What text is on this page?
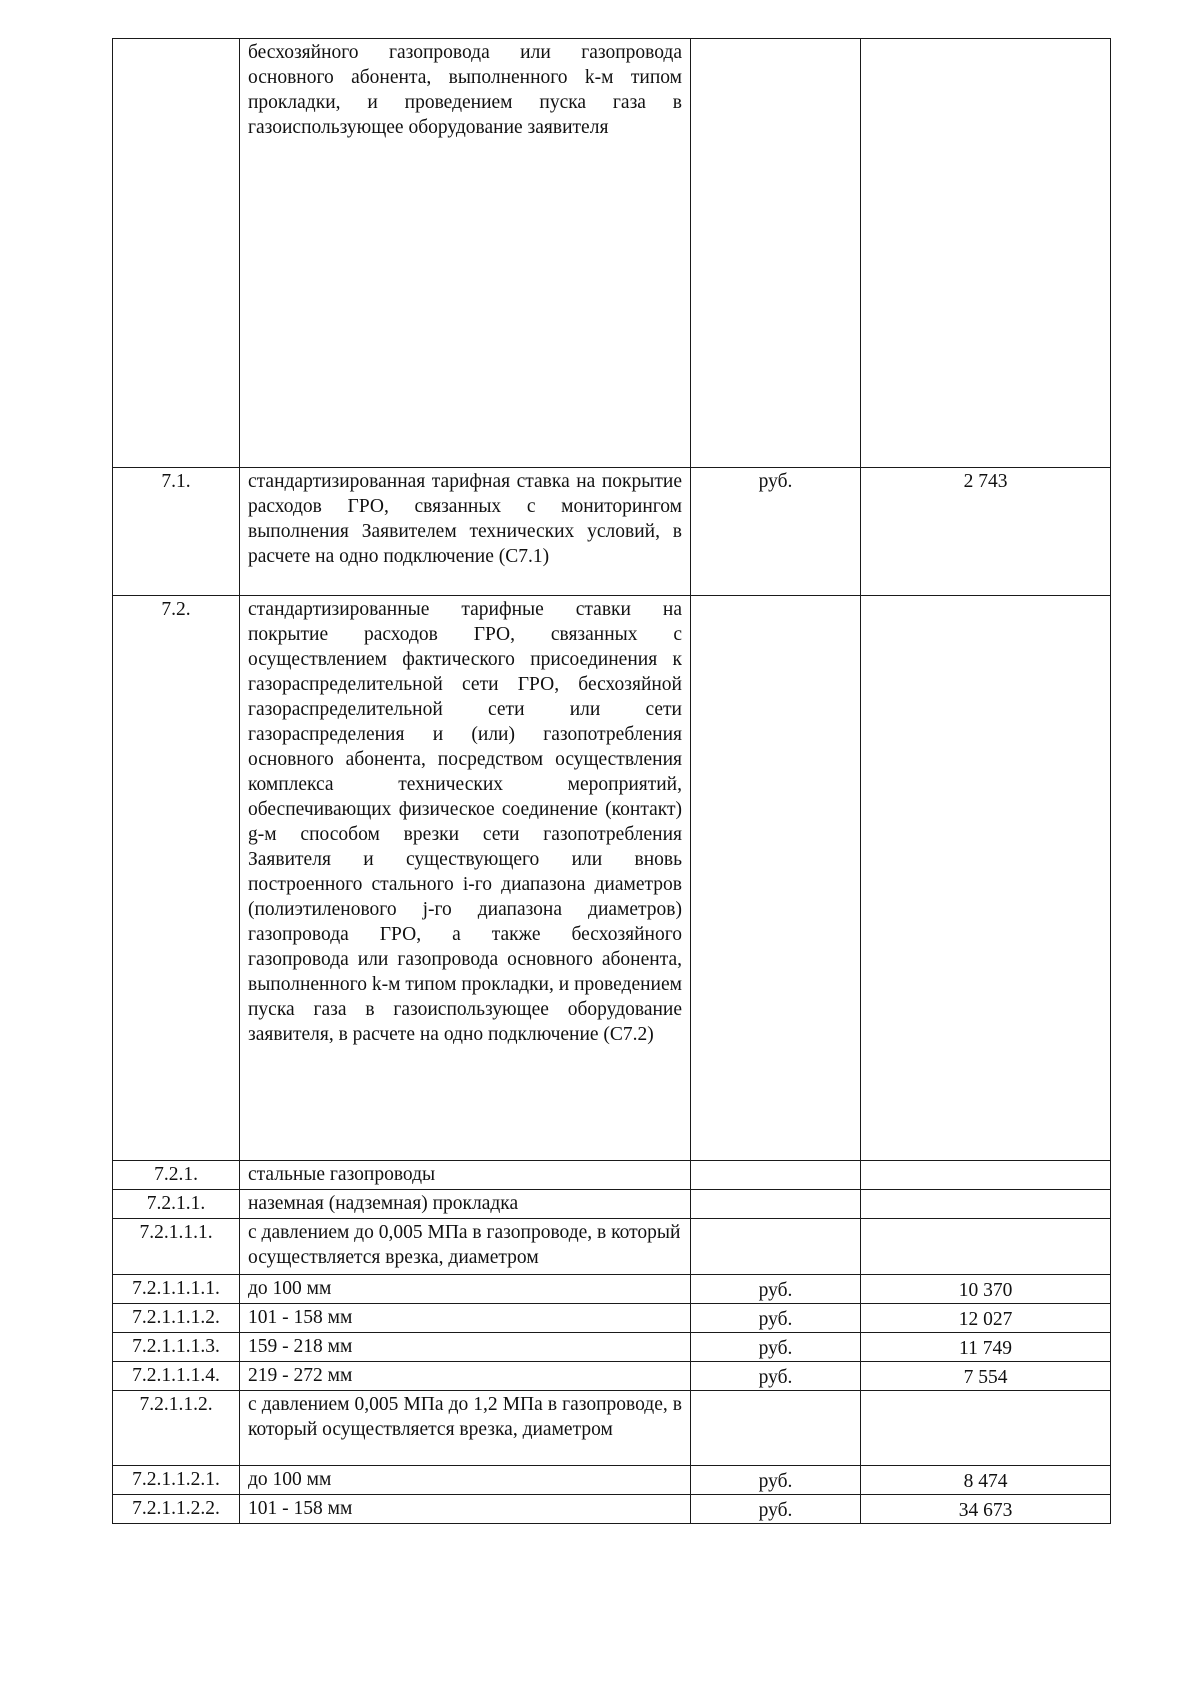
	бесхозяйного газопровода или газопровода основного абонента, выполненного k-м типом прокладки, и проведением пуска газа в газоиспользующее оборудование заявителя		
7.1.	стандартизированная тарифная ставка на покрытие расходов ГРО, связанных с мониторингом выполнения Заявителем технических условий, в расчете на одно подключение (С7.1)	руб.	2 743
7.2.	стандартизированные тарифные ставки на покрытие расходов ГРО, связанных с осуществлением фактического присоединения к газораспределительной сети ГРО, бесхозяйной газораспределительной сети или сети газораспределения и (или) газопотребления основного абонента, посредством осуществления комплекса технических мероприятий, обеспечивающих физическое соединение (контакт) g-м способом врезки сети газопотребления Заявителя и существующего или вновь построенного стального i-го диапазона диаметров (полиэтиленового j-го диапазона диаметров) газопровода ГРО, а также бесхозяйного газопровода или газопровода основного абонента, выполненного k-м типом прокладки, и проведением пуска газа в газоиспользующее оборудование заявителя, в расчете на одно подключение (С7.2)		
7.2.1.	стальные газопроводы		
7.2.1.1.	наземная (надземная) прокладка		
7.2.1.1.1.	с давлением до 0,005 МПа в газопроводе, в который осуществляется врезка, диаметром		
7.2.1.1.1.1.	до 100 мм	руб.	10 370
7.2.1.1.1.2.	101 - 158 мм	руб.	12 027
7.2.1.1.1.3.	159 - 218 мм	руб.	11 749
7.2.1.1.1.4.	219 - 272 мм	руб.	7 554
7.2.1.1.2.	с давлением 0,005 МПа до 1,2 МПа в газопроводе, в который осуществляется врезка, диаметром		
7.2.1.1.2.1.	до 100 мм	руб.	8 474
7.2.1.1.2.2.	101 - 158 мм	руб.	34 673
